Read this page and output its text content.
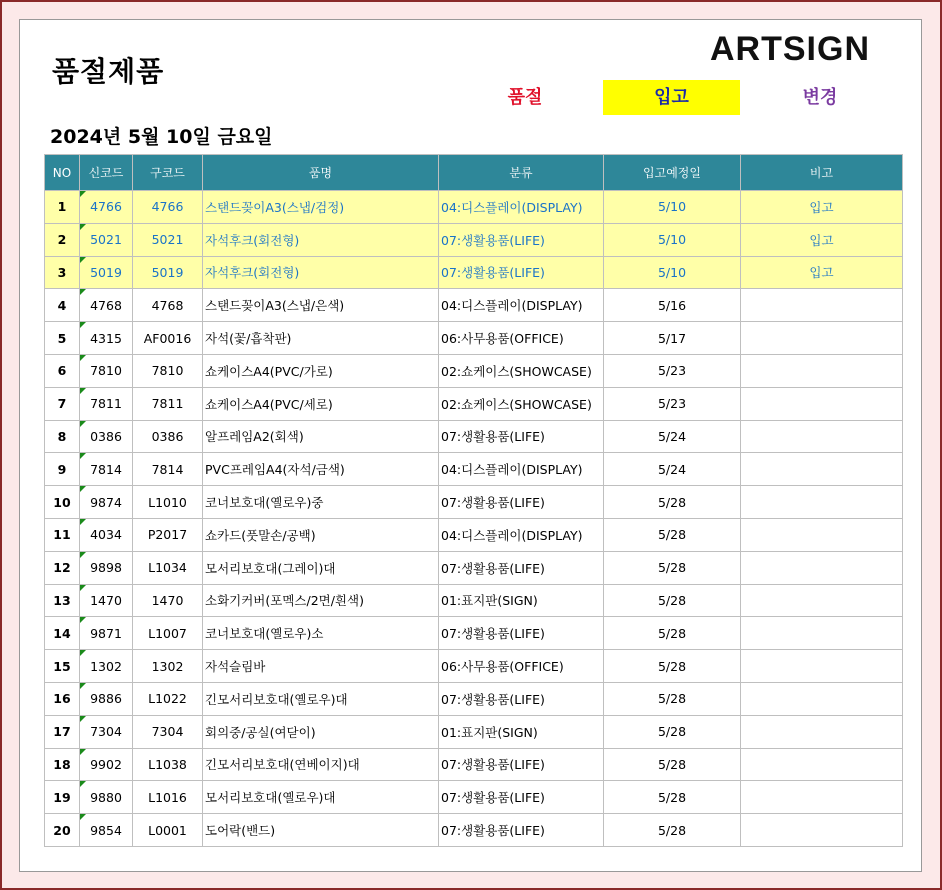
품절제품
ARTSIGN
품절	입고	변경
2024년 5월 10일 금요일
NO	신코드	구코드	품명	분류	입고예정일	비고
1	4766	4766	스탠드꽂이A3(스냅/검정)	04:디스플레이(DISPLAY)	5/10	입고
2	5021	5021	자석후크(회전형)	07:생활용품(LIFE)	5/10	입고
3	5019	5019	자석후크(회전형)	07:생활용품(LIFE)	5/10	입고
4	4768	4768	스탠드꽂이A3(스냅/은색)	04:디스플레이(DISPLAY)	5/16	
5	4315	AF0016	자석(꽃/흡착판)	06:사무용품(OFFICE)	5/17	
6	7810	7810	쇼케이스A4(PVC/가로)	02:쇼케이스(SHOWCASE)	5/23	
7	7811	7811	쇼케이스A4(PVC/세로)	02:쇼케이스(SHOWCASE)	5/23	
8	0386	0386	알프레임A2(회색)	07:생활용품(LIFE)	5/24	
9	7814	7814	PVC프레임A4(자석/금색)	04:디스플레이(DISPLAY)	5/24	
10	9874	L1010	코너보호대(옐로우)중	07:생활용품(LIFE)	5/28	
11	4034	P2017	쇼카드(풋말손/공백)	04:디스플레이(DISPLAY)	5/28	
12	9898	L1034	모서리보호대(그레이)대	07:생활용품(LIFE)	5/28	
13	1470	1470	소화기커버(포멕스/2면/흰색)	01:표지판(SIGN)	5/28	
14	9871	L1007	코너보호대(옐로우)소	07:생활용품(LIFE)	5/28	
15	1302	1302	자석슬림바	06:사무용품(OFFICE)	5/28	
16	9886	L1022	긴모서리보호대(옐로우)대	07:생활용품(LIFE)	5/28	
17	7304	7304	회의중/공실(여닫이)	01:표지판(SIGN)	5/28	
18	9902	L1038	긴모서리보호대(연베이지)대	07:생활용품(LIFE)	5/28	
19	9880	L1016	모서리보호대(옐로우)대	07:생활용품(LIFE)	5/28	
20	9854	L0001	도어락(밴드)	07:생활용품(LIFE)	5/28	
